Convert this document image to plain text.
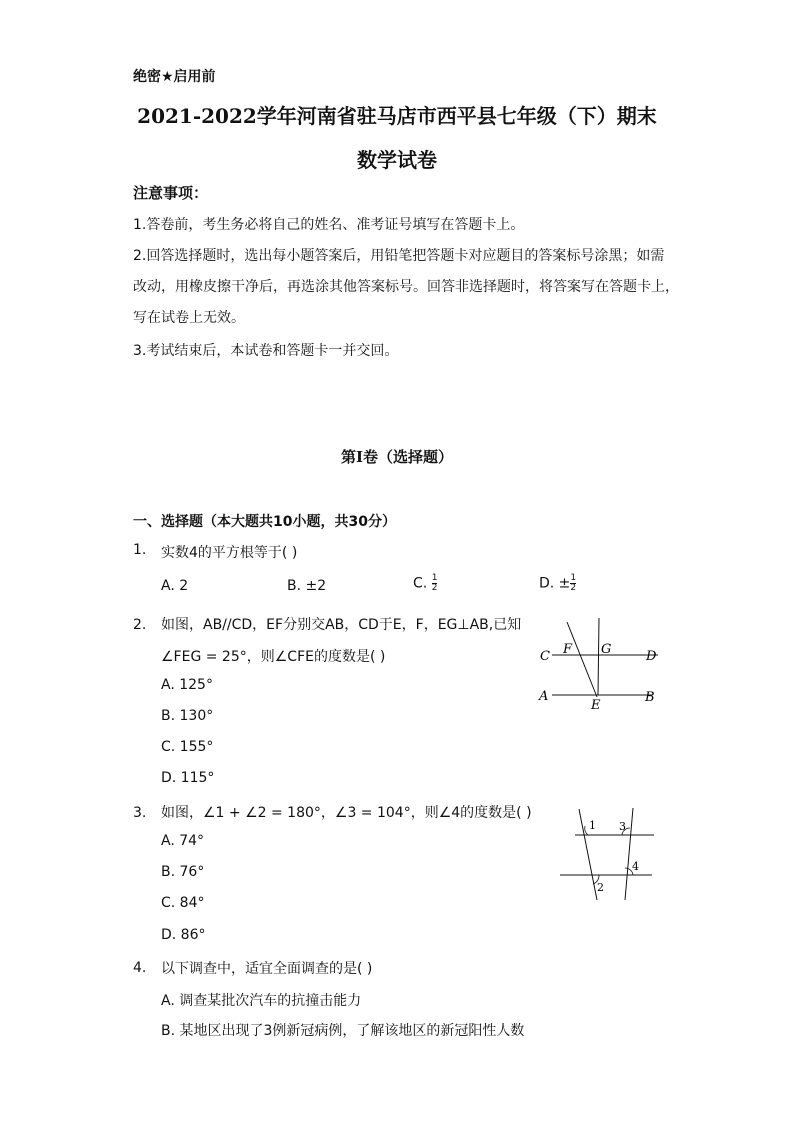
绝密★启用前
2021-2022学年河南省驻马店市西平县七年级（下）期末
数学试卷
注意事项：
1.答卷前，考生务必将自己的姓名、准考证号填写在答题卡上。
2.回答选择题时，选出每小题答案后，用铅笔把答题卡对应题目的答案标号涂黑；如需
改动，用橡皮擦干净后，再选涂其他答案标号。回答非选择题时，将答案写在答题卡上，
写在试卷上无效。
3.考试结束后，本试卷和答题卡一并交回。
第I卷（选择题）
一、选择题（本大题共10小题，共30分）
1. 实数4的平方根等于( )
A. 2	B. ±2	C. $\frac{1}{2}$	D. ± $\frac{1}{2}$
2. 如图，AB//CD，EF分别交AB，CD于E，F，EG⊥AB,已知
∠FEG = 25°，则∠CFE的度数是( )
A. 125°
B. 130°
C. 155°
D. 115°
C	D
A	B
F G
E
3. 如图，∠1 + ∠2 = 180°，∠3 = 104°，则∠4的度数是( )
A. 74°
B. 76°
C. 84°
D. 86°
1
2
3
4
4. 以下调查中，适宜全面调查的是( )
A. 调查某批次汽车的抗撞击能力
B. 某地区出现了3例新冠病例，了解该地区的新冠阳性人数
